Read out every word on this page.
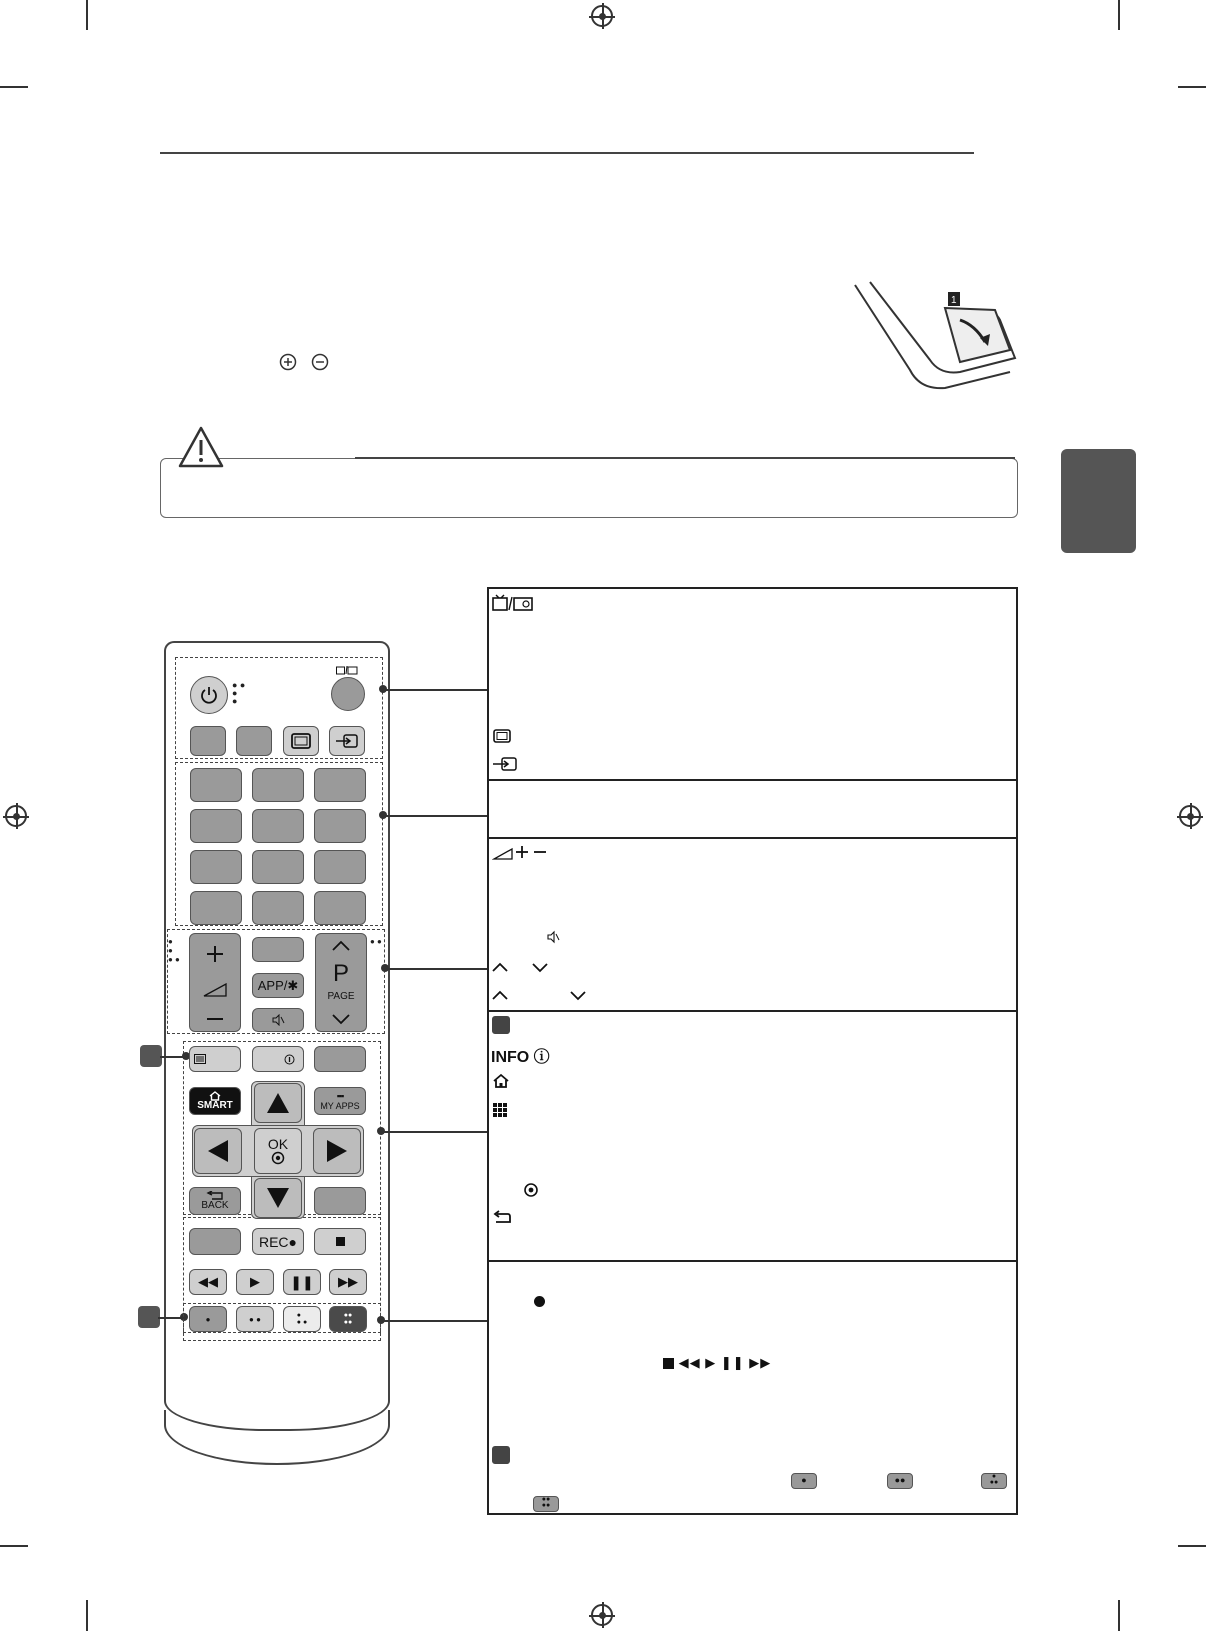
1
● ●
●
●
●
●
● ●
● ●
APP/✱ P
PAGE
SMART
▪▪▪
MY APPS
OK
BACK
REC ●
◀◀ ▶ ❚❚ ▶▶
●	● ●	●
● ●
●●
●●
INFO ⓘ
◀◀ ▶ ❚❚ ▶▶
●	●●	●
●●
●●
●●
